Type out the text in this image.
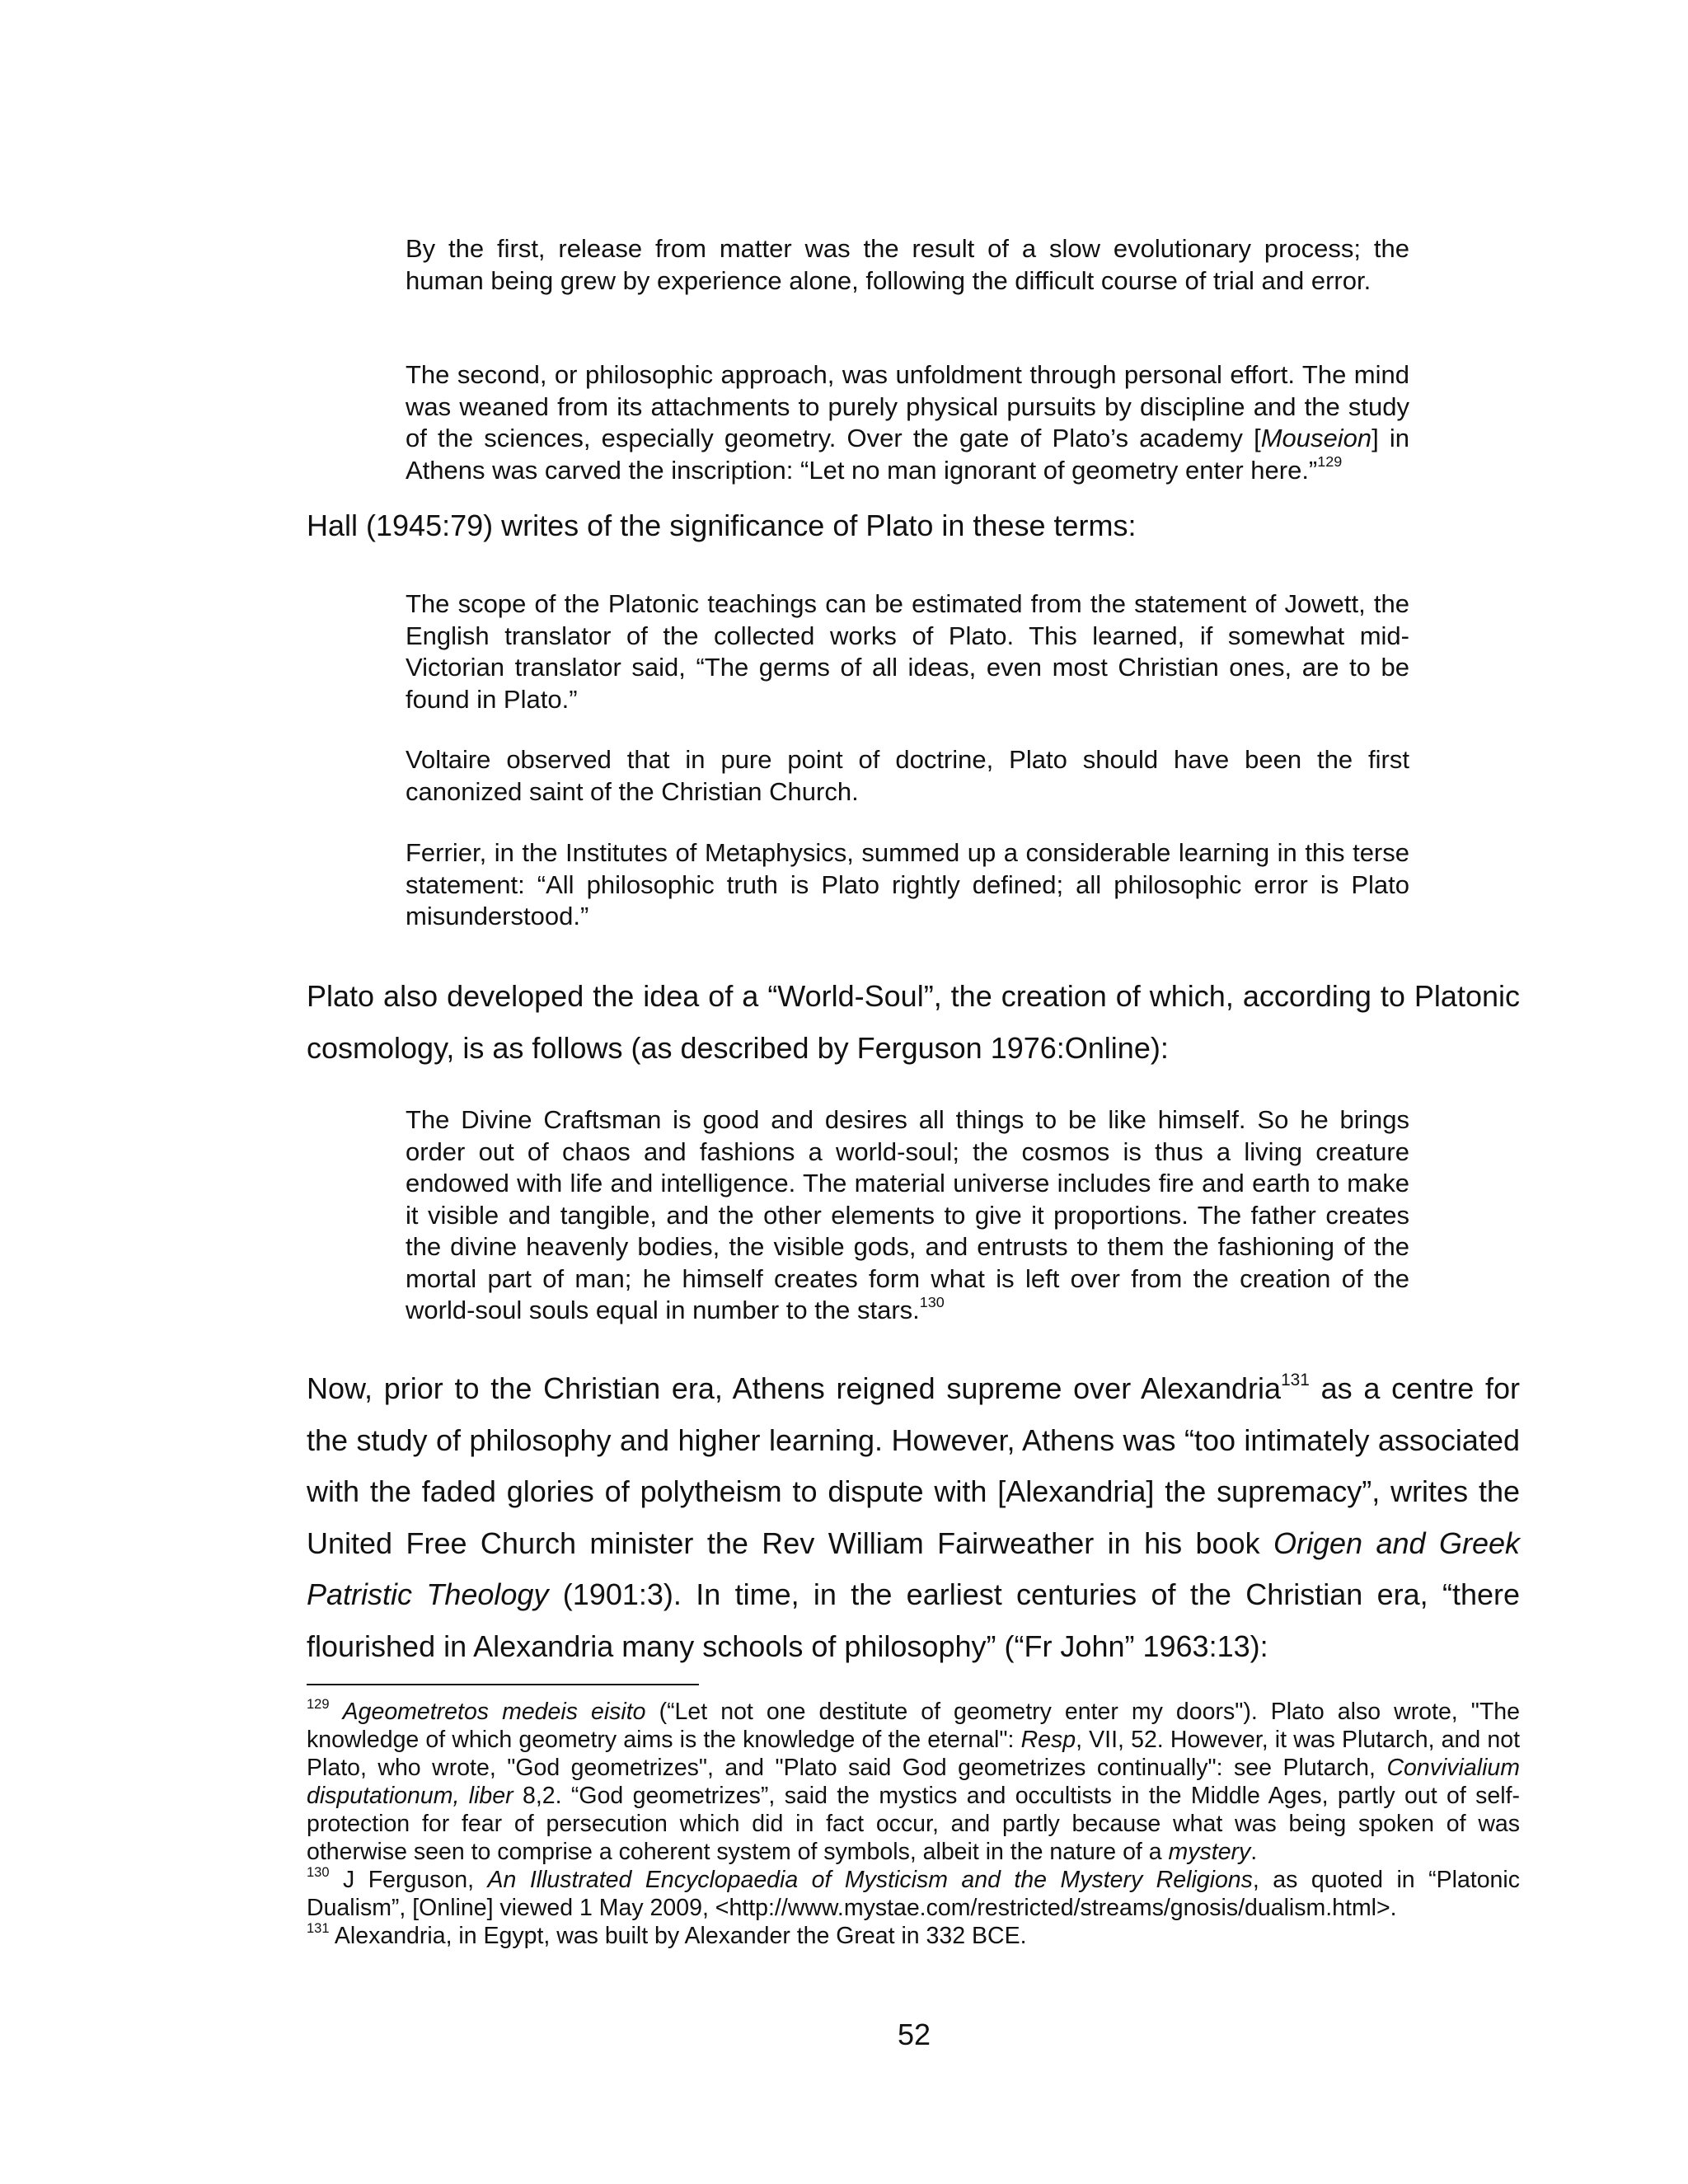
By the first, release from matter was the result of a slow evolutionary process; the human being grew by experience alone, following the difficult course of trial and error.

The second, or philosophic approach, was unfoldment through personal effort. The mind was weaned from its attachments to purely physical pursuits by discipline and the study of the sciences, especially geometry. Over the gate of Plato’s academy [Mouseion] in Athens was carved the inscription: “Let no man ignorant of geometry enter here.”$^{129}$

Hall (1945:79) writes of the significance of Plato in these terms:

The scope of the Platonic teachings can be estimated from the statement of Jowett, the English translator of the collected works of Plato. This learned, if somewhat mid-Victorian translator said, “The germs of all ideas, even most Christian ones, are to be found in Plato.”

Voltaire observed that in pure point of doctrine, Plato should have been the first canonized saint of the Christian Church.

Ferrier, in the Institutes of Metaphysics, summed up a considerable learning in this terse statement: “All philosophic truth is Plato rightly defined; all philosophic error is Plato misunderstood.”

Plato also developed the idea of a “World-Soul”, the creation of which, according to Platonic cosmology, is as follows (as described by Ferguson 1976:Online):

The Divine Craftsman is good and desires all things to be like himself. So he brings order out of chaos and fashions a world-soul; the cosmos is thus a living creature endowed with life and intelligence. The material universe includes fire and earth to make it visible and tangible, and the other elements to give it proportions. The father creates the divine heavenly bodies, the visible gods, and entrusts to them the fashioning of the mortal part of man; he himself creates form what is left over from the creation of the world-soul souls equal in number to the stars.$^{130}$

Now, prior to the Christian era, Athens reigned supreme over Alexandria$^{131}$ as a centre for the study of philosophy and higher learning. However, Athens was “too intimately associated with the faded glories of polytheism to dispute with [Alexandria] the supremacy”, writes the United Free Church minister the Rev William Fairweather in his book Origen and Greek Patristic Theology (1901:3). In time, in the earliest centuries of the Christian era, “there flourished in Alexandria many schools of philosophy” (“Fr John” 1963:13):

$^{129}$ Ageometretos medeis eisito (“Let not one destitute of geometry enter my doors"). Plato also wrote, "The knowledge of which geometry aims is the knowledge of the eternal": Resp, VII, 52. However, it was Plutarch, and not Plato, who wrote, "God geometrizes", and "Plato said God geometrizes continually": see Plutarch, Convivialium disputationum, liber 8,2. “God geometrizes”, said the mystics and occultists in the Middle Ages, partly out of self-protection for fear of persecution which did in fact occur, and partly because what was being spoken of was otherwise seen to comprise a coherent system of symbols, albeit in the nature of a mystery.

$^{130}$ J Ferguson, An Illustrated Encyclopaedia of Mysticism and the Mystery Religions, as quoted in “Platonic Dualism”, [Online] viewed 1 May 2009, <http://www.mystae.com/restricted/streams/gnosis/dualism.html>.

$^{131}$ Alexandria, in Egypt, was built by Alexander the Great in 332 BCE.

52
